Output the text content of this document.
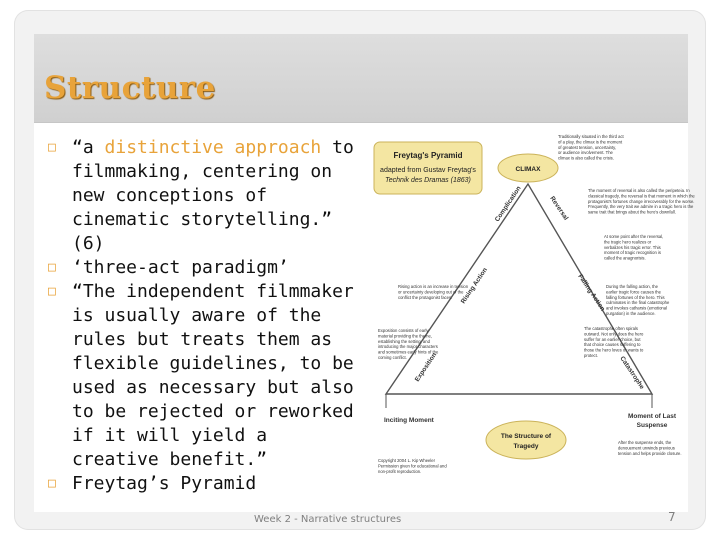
Structure
□ “a distinctive approach to filmmaking, centering on new conceptions of cinematic storytelling.” (6)
□ ‘three-act paradigm’
□ “The independent filmmaker is usually aware of the rules but treats them as flexible guidelines, to be used as necessary but also to be rejected or reworked if it will yield a creative benefit.”
□ Freytag’s Pyramid
Freytag's Pyramid
adapted from Gustav Freytag's
Technik des Dramas (1863)
CLIMAX
Complication
Rising Action
Exposition
Reversal
Falling Action
Catastrophe
Inciting Moment
Moment of Last
Suspense
The Structure of
Tragedy
Traditionally situated in the third act of a play, the climax is the moment of greatest tension, uncertainty, or audience involvement. The climax is also called the crisis.
The moment of reversal is also called the peripeteia. In classical tragedy, the reversal is that moment in which the protagonist's fortunes change irrecoverably for the worse. Frequently, the very trait we admire in a tragic hero is the same trait that brings about the hero's downfall.
At some point after the reversal, the tragic hero realizes or verbalizes his tragic error. This moment of tragic recognition is called the anagnorisis.
Rising action is an increase in tension or uncertainty developing out of the conflict the protagonist faces.
During the falling action, the earlier tragic force causes the falling fortunes of the hero. This culminates in the final catastrophe and invokes catharsis (emotional purgation) in the audience.
Exposition consists of early material providing the theme, establishing the setting, and introducing the major characters and sometimes early hints of the coming conflict.
The catastrophe often spirals outward. Not only does the hero suffer for an earlier choice, but that choice causes suffering to those the hero loves or wants to protect.
After the suspense ends, the denouement unwinds previous tension and helps provide closure.
Copyright 2004 L. Kip Wheeler Permission given for educational and non-profit reproduction.

Week 2 - Narrative structures	7
